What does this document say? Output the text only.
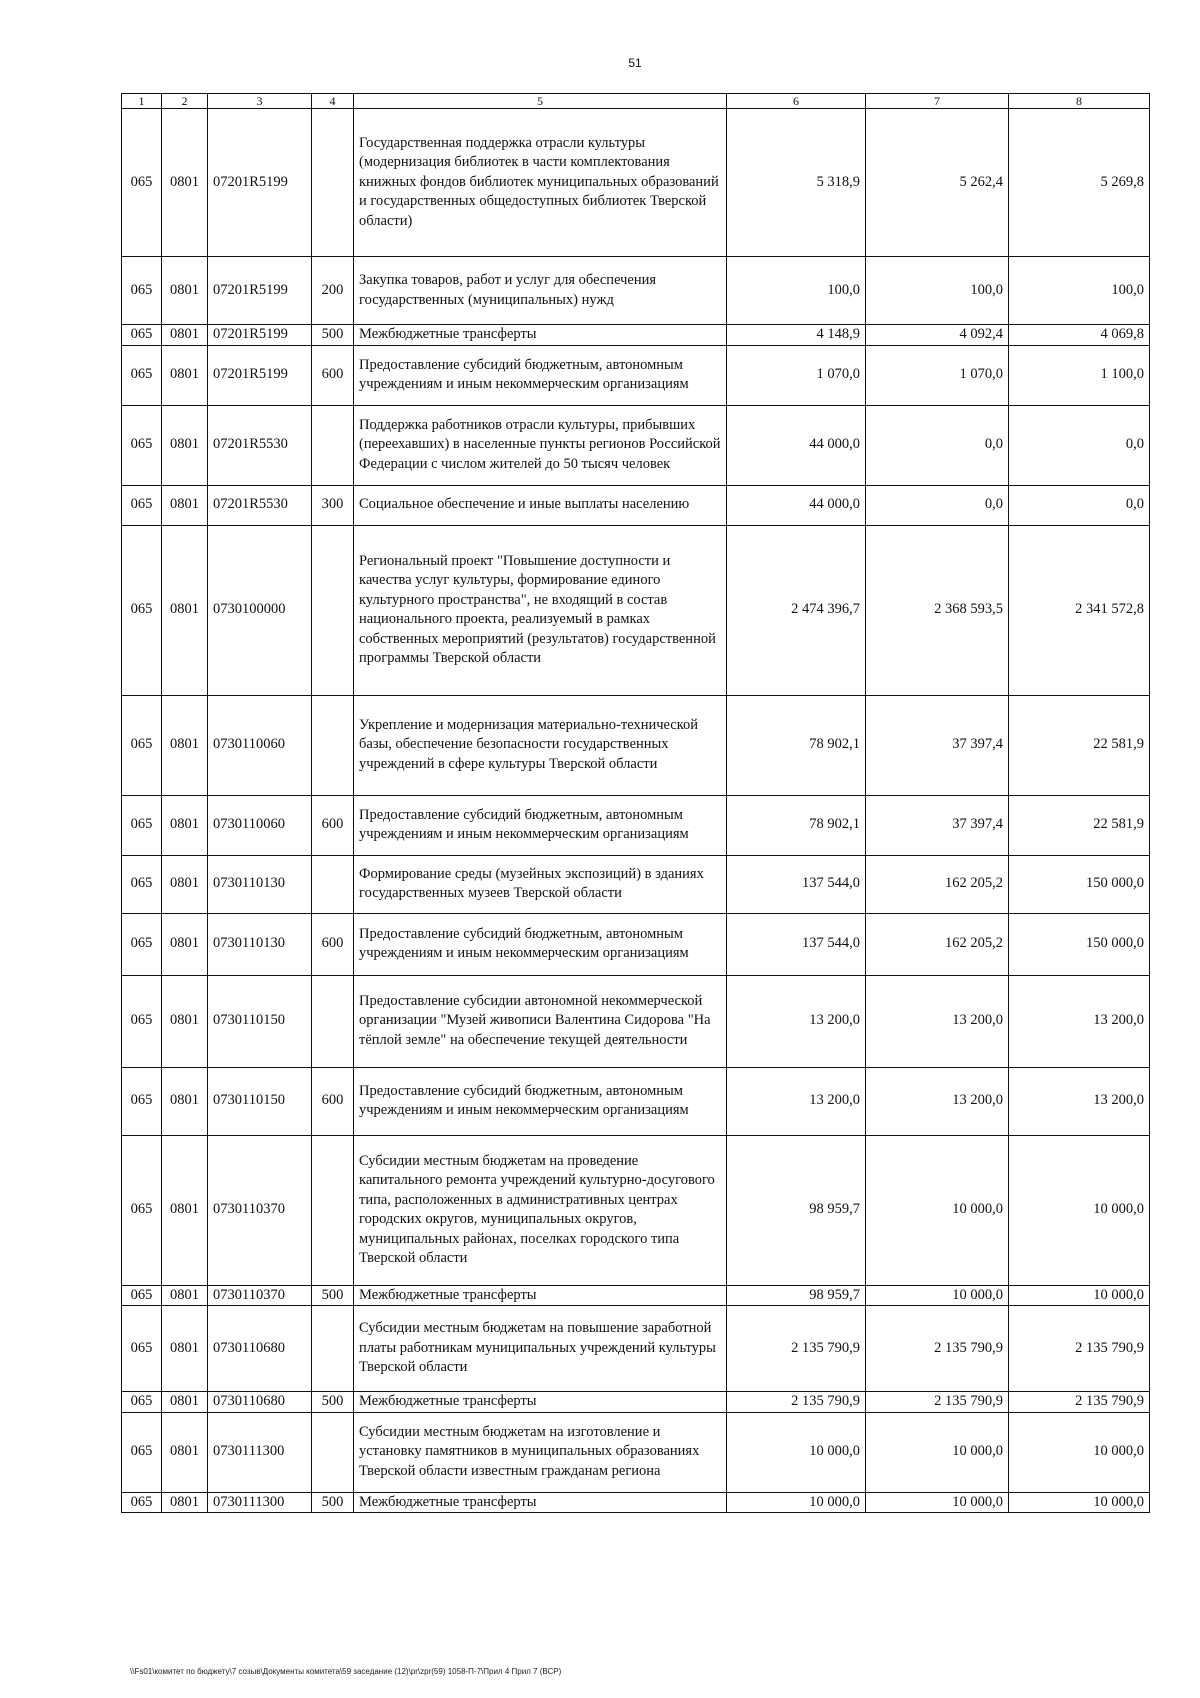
51
1	2	3	4	5	6	7	8
065	0801	07201R5199		Государственная поддержка отрасли культуры (модернизация библиотек в части комплектования книжных фондов библиотек муниципальных образований и государственных общедоступных библиотек Тверской области)	5 318,9	5 262,4	5 269,8
065	0801	07201R5199	200	Закупка товаров, работ и услуг для обеспечения государственных (муниципальных) нужд	100,0	100,0	100,0
065	0801	07201R5199	500	Межбюджетные трансферты	4 148,9	4 092,4	4 069,8
065	0801	07201R5199	600	Предоставление субсидий бюджетным, автономным учреждениям и иным некоммерческим организациям	1 070,0	1 070,0	1 100,0
065	0801	07201R5530		Поддержка работников отрасли культуры, прибывших (переехавших) в населенные пункты регионов Российской Федерации с числом жителей до 50 тысяч человек	44 000,0	0,0	0,0
065	0801	07201R5530	300	Социальное обеспечение и иные выплаты населению	44 000,0	0,0	0,0
065	0801	0730100000		Региональный проект "Повышение доступности и качества услуг культуры, формирование единого культурного пространства", не входящий в состав национального проекта, реализуемый в рамках собственных мероприятий (результатов) государственной программы Тверской области	2 474 396,7	2 368 593,5	2 341 572,8
065	0801	0730110060		Укрепление и модернизация материально-технической базы, обеспечение безопасности государственных учреждений в сфере культуры Тверской области	78 902,1	37 397,4	22 581,9
065	0801	0730110060	600	Предоставление субсидий бюджетным, автономным учреждениям и иным некоммерческим организациям	78 902,1	37 397,4	22 581,9
065	0801	0730110130		Формирование среды (музейных экспозиций) в зданиях государственных музеев Тверской области	137 544,0	162 205,2	150 000,0
065	0801	0730110130	600	Предоставление субсидий бюджетным, автономным учреждениям и иным некоммерческим организациям	137 544,0	162 205,2	150 000,0
065	0801	0730110150		Предоставление субсидии автономной некоммерческой организации "Музей живописи Валентина Сидорова "На тёплой земле" на обеспечение текущей деятельности	13 200,0	13 200,0	13 200,0
065	0801	0730110150	600	Предоставление субсидий бюджетным, автономным учреждениям и иным некоммерческим организациям	13 200,0	13 200,0	13 200,0
065	0801	0730110370		Субсидии местным бюджетам на проведение капитального ремонта учреждений культурно-досугового типа, расположенных в административных центрах городских округов, муниципальных округов, муниципальных районах, поселках городского типа Тверской области	98 959,7	10 000,0	10 000,0
065	0801	0730110370	500	Межбюджетные трансферты	98 959,7	10 000,0	10 000,0
065	0801	0730110680		Субсидии местным бюджетам на повышение заработной платы работникам муниципальных учреждений культуры Тверской области	2 135 790,9	2 135 790,9	2 135 790,9
065	0801	0730110680	500	Межбюджетные трансферты	2 135 790,9	2 135 790,9	2 135 790,9
065	0801	0730111300		Субсидии местным бюджетам на изготовление и установку памятников в муниципальных образованиях Тверской области известным гражданам региона	10 000,0	10 000,0	10 000,0
065	0801	0730111300	500	Межбюджетные трансферты	10 000,0	10 000,0	10 000,0
\\Fs01\комитет по бюджету\7 созыв\Документы комитета\59 заседание (12)\pr\zpr(59) 1058-П-7\Прил 4 Прил 7 (ВСР)
